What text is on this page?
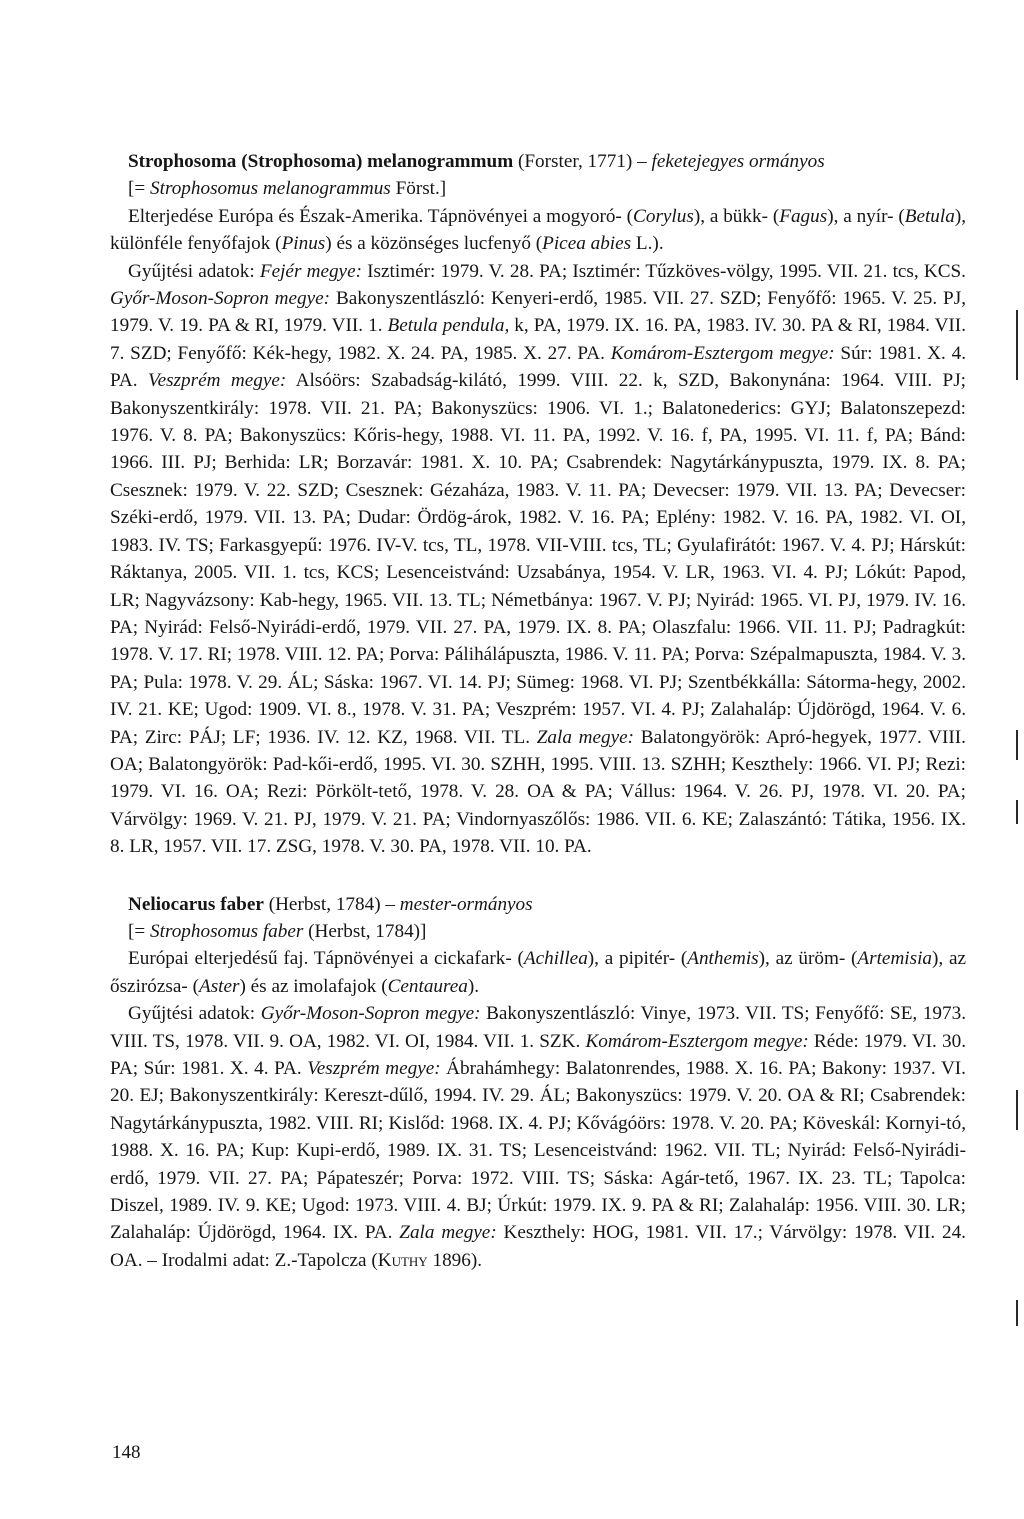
Strophosoma (Strophosoma) melanogrammum (Forster, 1771) – feketejegyes ormányos

[= Strophosomus melanogrammus Först.]

Elterjedése Európa és Észak-Amerika. Tápnövényei a mogyoró- (Corylus), a bükk- (Fagus), a nyír- (Betula), különféle fenyőfajok (Pinus) és a közönséges lucfenyő (Picea abies L.).

Gyűjtési adatok: Fejér megye: Isztimér: 1979. V. 28. PA; Isztimér: Tűzköves-völgy, 1995. VII. 21. tcs, KCS. Győr-Moson-Sopron megye: Bakonyszentlászló: Kenyeri-erdő, 1985. VII. 27. SZD; Fenyőfő: 1965. V. 25. PJ, 1979. V. 19. PA & RI, 1979. VII. 1. Betula pendula, k, PA, 1979. IX. 16. PA, 1983. IV. 30. PA & RI, 1984. VII. 7. SZD; Fenyőfő: Kék-hegy, 1982. X. 24. PA, 1985. X. 27. PA. Komárom-Esztergom megye: Súr: 1981. X. 4. PA. Veszprém megye: Alsóörs: Szabadság-kilátó, 1999. VIII. 22. k, SZD, Bakonynána: 1964. VIII. PJ; Bakonyszentkirály: 1978. VII. 21. PA; Bakonyszücs: 1906. VI. 1.; Balatonederics: GYJ; Balatonszepezd: 1976. V. 8. PA; Bakonyszücs: Kőris-hegy, 1988. VI. 11. PA, 1992. V. 16. f, PA, 1995. VI. 11. f, PA; Bánd: 1966. III. PJ; Berhida: LR; Borzavár: 1981. X. 10. PA; Csabrendek: Nagytárkánypuszta, 1979. IX. 8. PA; Csesznek: 1979. V. 22. SZD; Csesznek: Gézaháza, 1983. V. 11. PA; Devecser: 1979. VII. 13. PA; Devecser: Széki-erdő, 1979. VII. 13. PA; Dudar: Ördög-árok, 1982. V. 16. PA; Eplény: 1982. V. 16. PA, 1982. VI. OI, 1983. IV. TS; Farkasgyepű: 1976. IV-V. tcs, TL, 1978. VII-VIII. tcs, TL; Gyulafirátót: 1967. V. 4. PJ; Hárskút: Ráktanya, 2005. VII. 1. tcs, KCS; Lesenceistvánd: Uzsabánya, 1954. V. LR, 1963. VI. 4. PJ; Lókút: Papod, LR; Nagyvázsony: Kab-hegy, 1965. VII. 13. TL; Németbánya: 1967. V. PJ; Nyirád: 1965. VI. PJ, 1979. IV. 16. PA; Nyirád: Felső-Nyirádi-erdő, 1979. VII. 27. PA, 1979. IX. 8. PA; Olaszfalu: 1966. VII. 11. PJ; Padragkút: 1978. V. 17. RI; 1978. VIII. 12. PA; Porva: Pálihálápuszta, 1986. V. 11. PA; Porva: Szépalmapuszta, 1984. V. 3. PA; Pula: 1978. V. 29. ÁL; Sáska: 1967. VI. 14. PJ; Sümeg: 1968. VI. PJ; Szentbékkálla: Sátorma-hegy, 2002. IV. 21. KE; Ugod: 1909. VI. 8., 1978. V. 31. PA; Veszprém: 1957. VI. 4. PJ; Zalahaláp: Újdörögd, 1964. V. 6. PA; Zirc: PÁJ; LF; 1936. IV. 12. KZ, 1968. VII. TL. Zala megye: Balatongyörök: Apró-hegyek, 1977. VIII. OA; Balatongyörök: Pad-kői-erdő, 1995. VI. 30. SZHH, 1995. VIII. 13. SZHH; Keszthely: 1966. VI. PJ; Rezi: 1979. VI. 16. OA; Rezi: Pörkölt-tető, 1978. V. 28. OA & PA; Vállus: 1964. V. 26. PJ, 1978. VI. 20. PA; Várvölgy: 1969. V. 21. PJ, 1979. V. 21. PA; Vindornyaszőlős: 1986. VII. 6. KE; Zalaszántó: Tátika, 1956. IX. 8. LR, 1957. VII. 17. ZSG, 1978. V. 30. PA, 1978. VII. 10. PA.

Neliocarus faber (Herbst, 1784) – mester-ormányos

[= Strophosomus faber (Herbst, 1784)]

Európai elterjedésű faj. Tápnövényei a cickafark- (Achillea), a pipitér- (Anthemis), az üröm- (Artemisia), az őszirózsa- (Aster) és az imolafajok (Centaurea).

Gyűjtési adatok: Győr-Moson-Sopron megye: Bakonyszentlászló: Vinye, 1973. VII. TS; Fenyőfő: SE, 1973. VIII. TS, 1978. VII. 9. OA, 1982. VI. OI, 1984. VII. 1. SZK. Komárom-Esztergom megye: Réde: 1979. VI. 30. PA; Súr: 1981. X. 4. PA. Veszprém megye: Ábrahámhegy: Balatonrendes, 1988. X. 16. PA; Bakony: 1937. VI. 20. EJ; Bakonyszentkirály: Kereszt-dűlő, 1994. IV. 29. ÁL; Bakonyszücs: 1979. V. 20. OA & RI; Csabrendek: Nagytárkánypuszta, 1982. VIII. RI; Kislőd: 1968. IX. 4. PJ; Kővágóörs: 1978. V. 20. PA; Köveskál: Kornyi-tó, 1988. X. 16. PA; Kup: Kupi-erdő, 1989. IX. 31. TS; Lesenceistvánd: 1962. VII. TL; Nyirád: Felső-Nyirádi-erdő, 1979. VII. 27. PA; Pápateszér; Porva: 1972. VIII. TS; Sáska: Agár-tető, 1967. IX. 23. TL; Tapolca: Diszel, 1989. IV. 9. KE; Ugod: 1973. VIII. 4. BJ; Úrkút: 1979. IX. 9. PA & RI; Zalahaláp: 1956. VIII. 30. LR; Zalahaláp: Újdörögd, 1964. IX. PA. Zala megye: Keszthely: HOG, 1981. VII. 17.; Várvölgy: 1978. VII. 24. OA. – Irodalmi adat: Z.-Tapolcza (Kuthy 1896).

148
